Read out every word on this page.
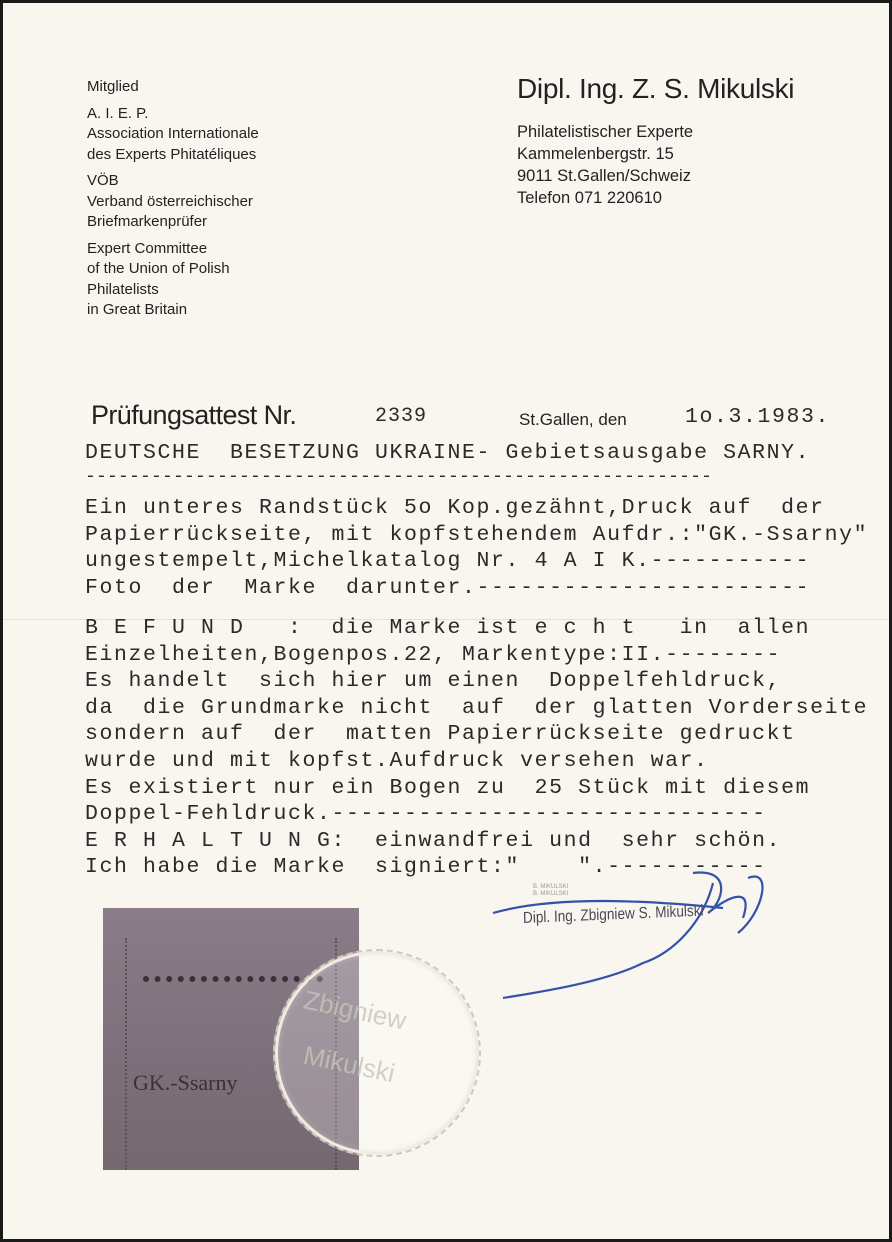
Mitglied
A. I. E. P.
Association Internationale
des Experts Phitatéliques
VÖB
Verband österreichischer
Briefmarkenprüfer
Expert Committee
of the Union of Polish
Philatelists
in Great Britain
Dipl. Ing. Z. S. Mikulski
Philatelistischer Experte
Kammelenbergstr. 15
9011 St.Gallen/Schweiz
Telefon 071 220610
Prüfungsattest Nr.	2339	St.Gallen, den	1o.3.1983.
DEUTSCHE  BESETZUNG UKRAINE- Gebietsausgabe SARNY.
---------------------------------------------------------
Ein unteres Randstück 5o Kop.gezähnt,Druck auf  der
Papierrückseite, mit kopfstehendem Aufdr.:"GK.-Ssarny"
ungestempelt,Michelkatalog Nr. 4 A I K.-----------
Foto  der  Marke  darunter.-----------------------
B E F U N D   :  die Marke ist e c h t   in  allen
Einzelheiten,Bogenpos.22, Markentype:II.--------
Es handelt  sich hier um einen  Doppelfehldruck,
da  die Grundmarke nicht  auf  der glatten Vorderseite
sondern auf  der  matten Papierrückseite gedruckt
wurde und mit kopfst.Aufdruck versehen war.
Es existiert nur ein Bogen zu  25 Stück mit diesem
Doppel-Fehldruck.------------------------------
E R H A L T U N G:  einwandfrei und  sehr schön.
Ich habe die Marke  signiert:"    ".-----------
B. MIKULSKI
B. MIKULSKI
Dipl. Ing. Zbigniew S. Mikulski
GK.-Ssarny
Zbigniew
Mikulski
